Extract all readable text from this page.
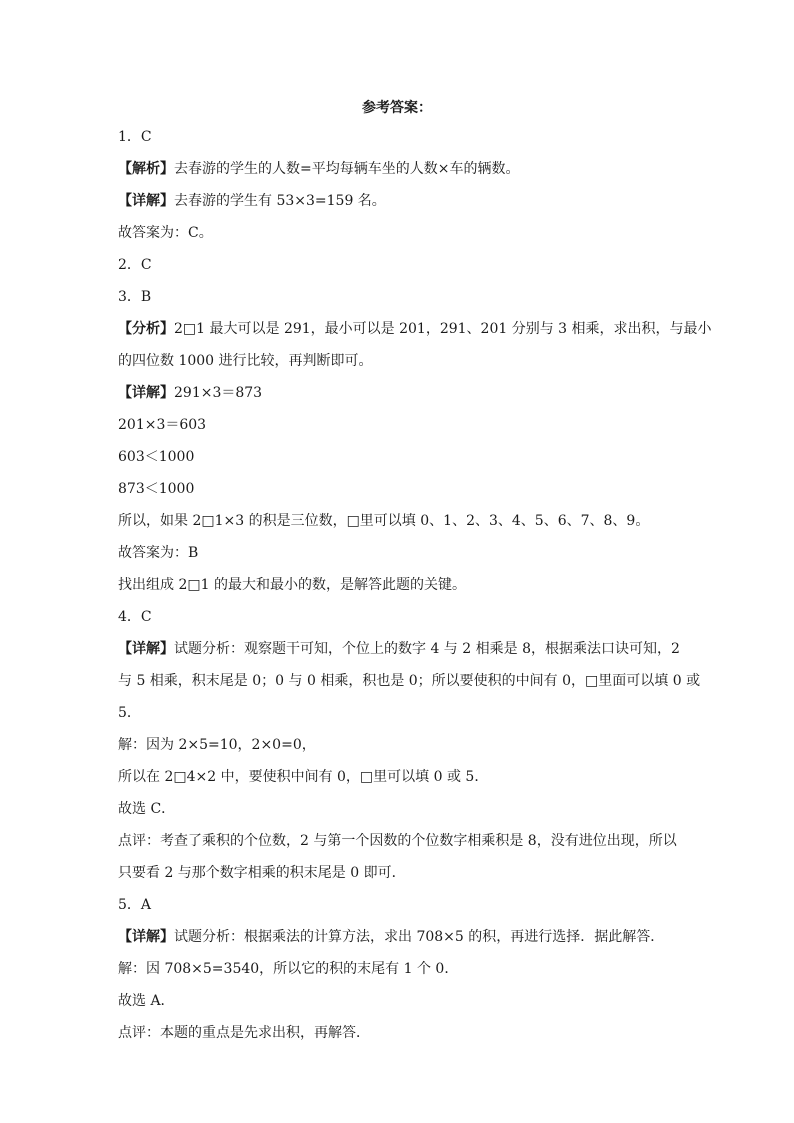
参考答案：
1．C
【解析】去春游的学生的人数=平均每辆车坐的人数×车的辆数。
【详解】去春游的学生有 53×3=159 名。
故答案为：C。
2．C
3．B
【分析】2□1 最大可以是 291，最小可以是 201，291、201 分别与 3 相乘，求出积，与最小
的四位数 1000 进行比较，再判断即可。
【详解】291×3＝873
201×3＝603
603＜1000
873＜1000
所以，如果 2□1×3 的积是三位数，□里可以填 0、1、2、3、4、5、6、7、8、9。
故答案为：B
找出组成 2□1 的最大和最小的数，是解答此题的关键。
4．C
【详解】试题分析：观察题干可知，个位上的数字 4 与 2 相乘是 8，根据乘法口诀可知，2
与 5 相乘，积末尾是 0；0 与 0 相乘，积也是 0；所以要使积的中间有 0，□里面可以填 0 或
5．
解：因为 2×5=10，2×0=0，
所以在 2□4×2 中，要使积中间有 0，□里可以填 0 或 5．
故选 C．
点评：考查了乘积的个位数，2 与第一个因数的个位数字相乘积是 8，没有进位出现，所以
只要看 2 与那个数字相乘的积末尾是 0 即可．
5．A
【详解】试题分析：根据乘法的计算方法，求出 708×5 的积，再进行选择．据此解答．
解：因 708×5=3540，所以它的积的末尾有 1 个 0．
故选 A．
点评：本题的重点是先求出积，再解答．
